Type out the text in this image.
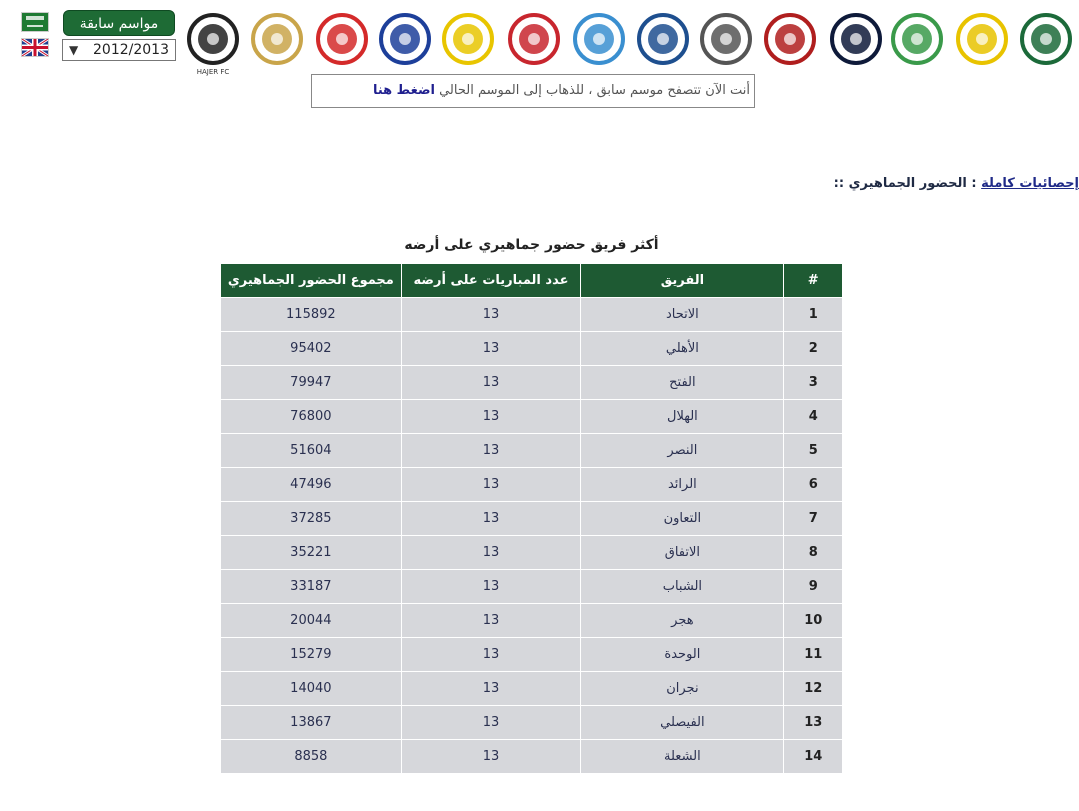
مواسم سابقة
▼ 2012/2013
HAJER FC
أنت الآن تتصفح موسم سابق ، للذهاب إلى الموسم الحالي اضغط هنا
إحصائيات كاملة : الحضور الجماهيري ::
أكثر فريق حضور جماهيري على أرضه
#	الفريق	عدد المباريات على أرضه	مجموع الحضور الجماهيري
1	الاتحاد	13	115892
2	الأهلي	13	95402
3	الفتح	13	79947
4	الهلال	13	76800
5	النصر	13	51604
6	الرائد	13	47496
7	التعاون	13	37285
8	الاتفاق	13	35221
9	الشباب	13	33187
10	هجر	13	20044
11	الوحدة	13	15279
12	نجران	13	14040
13	الفيصلي	13	13867
14	الشعلة	13	8858
